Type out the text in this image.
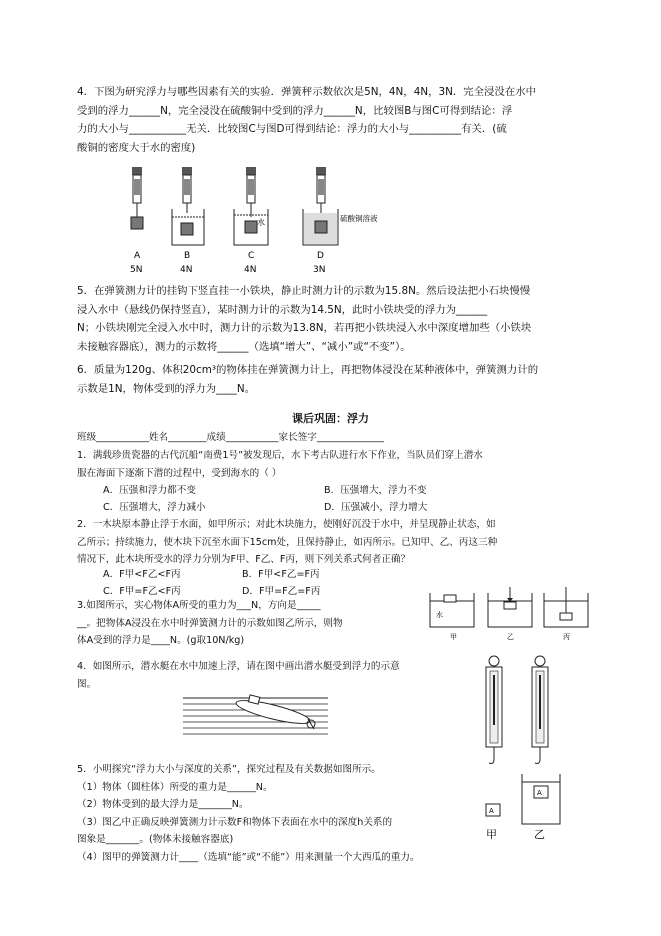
4．下图为研究浮力与哪些因素有关的实验．弹簧秤示数依次是5N，4N，4N，3N．完全浸没在水中

受到的浮力______N，完全浸没在硫酸铜中受到的浮力______N，比较图B与图C可得到结论：浮

力的大小与___________无关．比较图C与图D可得到结论：浮力的大小与__________有关．(硫

酸铜的密度大于水的密度)

水	硫酸铜溶液
A	B	C	D
5N	4N	4N	3N

5．在弹簧测力计的挂钩下竖直挂一小铁块，静止时测力计的示数为15.8N。然后设法把小石块慢慢

浸入水中（悬线仍保持竖直），某时测力计的示数为14.5N，此时小铁块受的浮力为______

N；小铁块刚完全浸入水中时，测力计的示数为13.8N，若再把小铁块浸入水中深度增加些（小铁块

未接触容器底），测力的示数将______（选填“增大”、“减小”或“不变”）。

6．质量为120g、体积20cm³的物体挂在弹簧测力计上，再把物体浸没在某种液体中，弹簧测力计的

示数是1N，物体受到的浮力为____N。

课后巩固：浮力
班级___________姓名________成绩___________家长签字______________

1．满载珍贵瓷器的古代沉船“南费1号”被发现后，水下考古队进行水下作业，当队员们穿上潜水

服在海面下逐渐下潜的过程中，受到海水的（ ）

A．压强和浮力都不变	B．压强增大，浮力不变
C．压强增大，浮力减小	D．压强减小，浮力增大

2．一木块原本静止浮于水面，如甲所示；对此木块施力，使刚好沉没于水中，并呈现静止状态，如

乙所示；持续施力，使木块下沉至水面下15cm处，且保持静止，如丙所示。已知甲、乙、丙这三种

情况下，此木块所受水的浮力分别为F甲、F乙、F丙，则下列关系式何者正确？

A．F甲<F乙<F丙	B．F甲<F乙=F丙
C．F甲=F乙<F丙	D．F甲=F乙=F丙
水
甲	乙	丙

3.如图所示，实心物体A所受的重力为___N，方向是_____

__。把物体A浸没在水中时弹簧测力计的示数如图乙所示，则物

体A受到的浮力是____N。(g取10N/kg)

4．如图所示，潜水艇在水中加速上浮，请在图中画出潜水艇受到浮力的示意

图。

5．小明探究“浮力大小与深度的关系”，探究过程及有关数据如图所示。

（1）物体（圆柱体）所受的重力是______N。

（2）物体受到的最大浮力是_______N。

（3）图乙中正确反映弹簧测力计示数F和物体下表面在水中的深度h关系的

图象是_______。(物体未接触容器底)

（4）图甲的弹簧测力计____（选填“能”或“不能”）用来测量一个大西瓜的重力。

A
A
甲	乙
